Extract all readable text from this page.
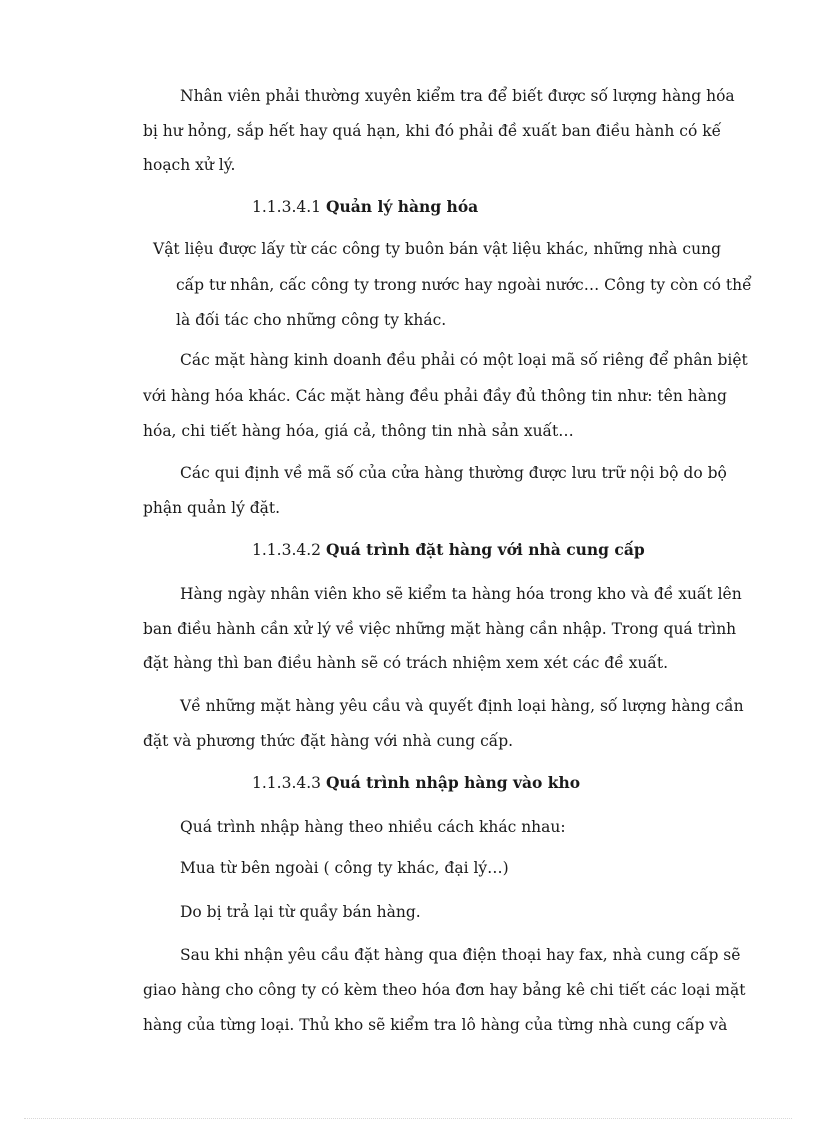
Nhân viên phải thường xuyên kiểm tra để biết được số lượng hàng hóa
bị hư hỏng, sắp hết hay quá hạn, khi đó phải đề xuất ban điều hành có kế
hoạch xử lý.
1.1.3.4.1 Quản lý hàng hóa
Vật liệu được lấy từ các công ty buôn bán vật liệu khác, những nhà cung
cấp tư nhân, cấc công ty trong nước hay ngoài nước… Công ty còn có thể
là đối tác cho những công ty khác.
Các mặt hàng kinh doanh đều phải có một loại mã số riêng để phân biệt
với hàng hóa khác. Các mặt hàng đều phải đầy đủ thông tin như: tên hàng
hóa, chi tiết hàng hóa, giá cả, thông tin nhà sản xuất…
Các qui định về mã số của cửa hàng thường được lưu trữ nội bộ do bộ
phận quản lý đặt.
1.1.3.4.2 Quá trình đặt hàng với nhà cung cấp
Hàng ngày nhân viên kho sẽ kiểm ta hàng hóa trong kho và đề xuất lên
ban điều hành cần xử lý về việc những mặt hàng cần nhập. Trong quá trình
đặt hàng thì ban điều hành sẽ có trách nhiệm xem xét các đề xuất.
Về những mặt hàng yêu cầu và quyết định loại hàng, số lượng hàng cần
đặt và phương thức đặt hàng với nhà cung cấp.
1.1.3.4.3 Quá trình nhập hàng vào kho
Quá trình nhập hàng theo nhiều cách khác nhau:
Mua từ bên ngoài ( công ty khác, đại lý…)
Do bị trả lại từ quầy bán hàng.
Sau khi nhận yêu cầu đặt hàng qua điện thoại hay fax, nhà cung cấp sẽ
giao hàng cho công ty có kèm theo hóa đơn hay bảng kê chi tiết các loại mặt
hàng của từng loại. Thủ kho sẽ kiểm tra lô hàng của từng nhà cung cấp và
